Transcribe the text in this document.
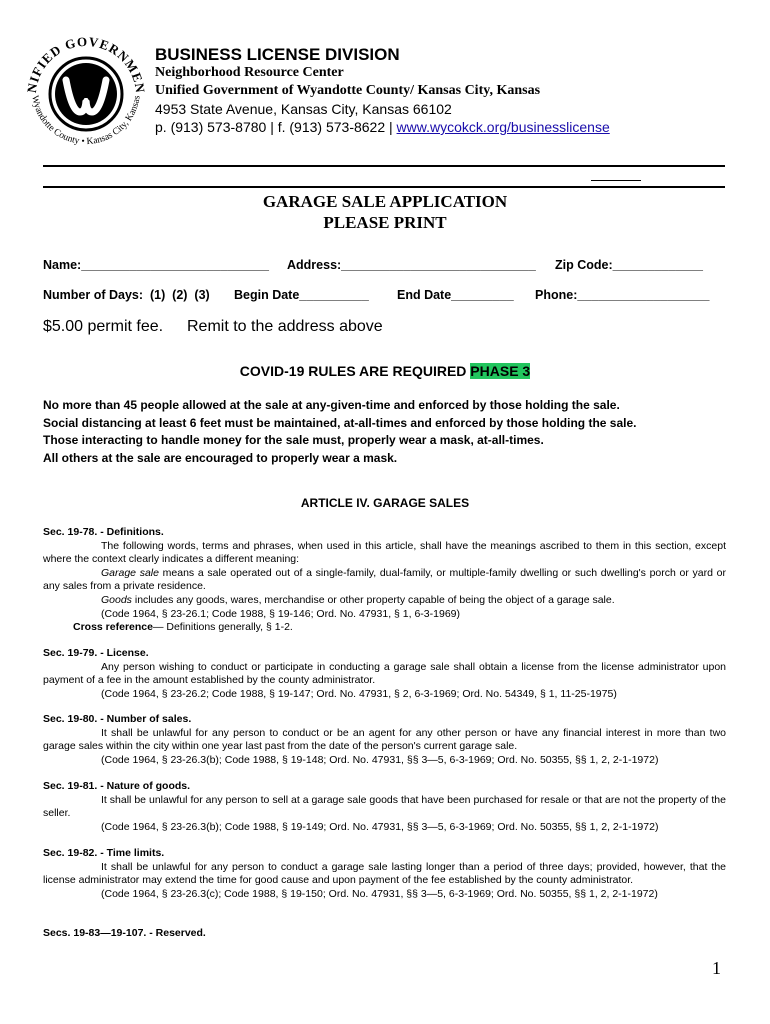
NIFIED GOVERNMEN
Wyandotte County • Kansas City, Kansas
BUSINESS LICENSE DIVISION
Neighborhood Resource Center
Unified Government of Wyandotte County/ Kansas City, Kansas
4953 State Avenue, Kansas City, Kansas 66102
p. (913) 573-8780 | f. (913) 573-8622 | www.wycokck.org/businesslicense
GARAGE SALE APPLICATION
PLEASE PRINT
Name:___________________________ Address:____________________________ Zip Code:_____________
Number of Days:  (1)  (2)  (3) Begin Date__________ End Date_________ Phone:___________________
$5.00 permit fee. Remit to the address above
COVID-19 RULES ARE REQUIRED PHASE 3
No more than 45 people allowed at the sale at any-given-time and enforced by those holding the sale.
Social distancing at least 6 feet must be maintained, at-all-times and enforced by those holding the sale.
Those interacting to handle money for the sale must, properly wear a mask, at-all-times.
All others at the sale are encouraged to properly wear a mask.
ARTICLE IV. GARAGE SALES

Sec. 19-78. - Definitions.

The following words, terms and phrases, when used in this article, shall have the meanings ascribed to them in this section, except where the context clearly indicates a different meaning:

Garage sale means a sale operated out of a single-family, dual-family, or multiple-family dwelling or such dwelling's porch or yard or any sales from a private residence.

Goods includes any goods, wares, merchandise or other property capable of being the object of a garage sale.

(Code 1964, § 23-26.1; Code 1988, § 19-146; Ord. No. 47931, § 1, 6-3-1969)

Cross reference— Definitions generally, § 1-2.

Sec. 19-79. - License.

Any person wishing to conduct or participate in conducting a garage sale shall obtain a license from the license administrator upon payment of a fee in the amount established by the county administrator.

(Code 1964, § 23-26.2; Code 1988, § 19-147; Ord. No. 47931, § 2, 6-3-1969; Ord. No. 54349, § 1, 11-25-1975)

Sec. 19-80. - Number of sales.

It shall be unlawful for any person to conduct or be an agent for any other person or have any financial interest in more than two garage sales within the city within one year last past from the date of the person's current garage sale.

(Code 1964, § 23-26.3(b); Code 1988, § 19-148; Ord. No. 47931, §§ 3—5, 6-3-1969; Ord. No. 50355, §§ 1, 2, 2-1-1972)

Sec. 19-81. - Nature of goods.

It shall be unlawful for any person to sell at a garage sale goods that have been purchased for resale or that are not the property of the seller.

(Code 1964, § 23-26.3(b); Code 1988, § 19-149; Ord. No. 47931, §§ 3—5, 6-3-1969; Ord. No. 50355, §§ 1, 2, 2-1-1972)

Sec. 19-82. - Time limits.

It shall be unlawful for any person to conduct a garage sale lasting longer than a period of three days; provided, however, that the license administrator may extend the time for good cause and upon payment of the fee established by the county administrator.

(Code 1964, § 23-26.3(c); Code 1988, § 19-150; Ord. No. 47931, §§ 3—5, 6-3-1969; Ord. No. 50355, §§ 1, 2, 2-1-1972)

Secs. 19-83—19-107. - Reserved.

1
